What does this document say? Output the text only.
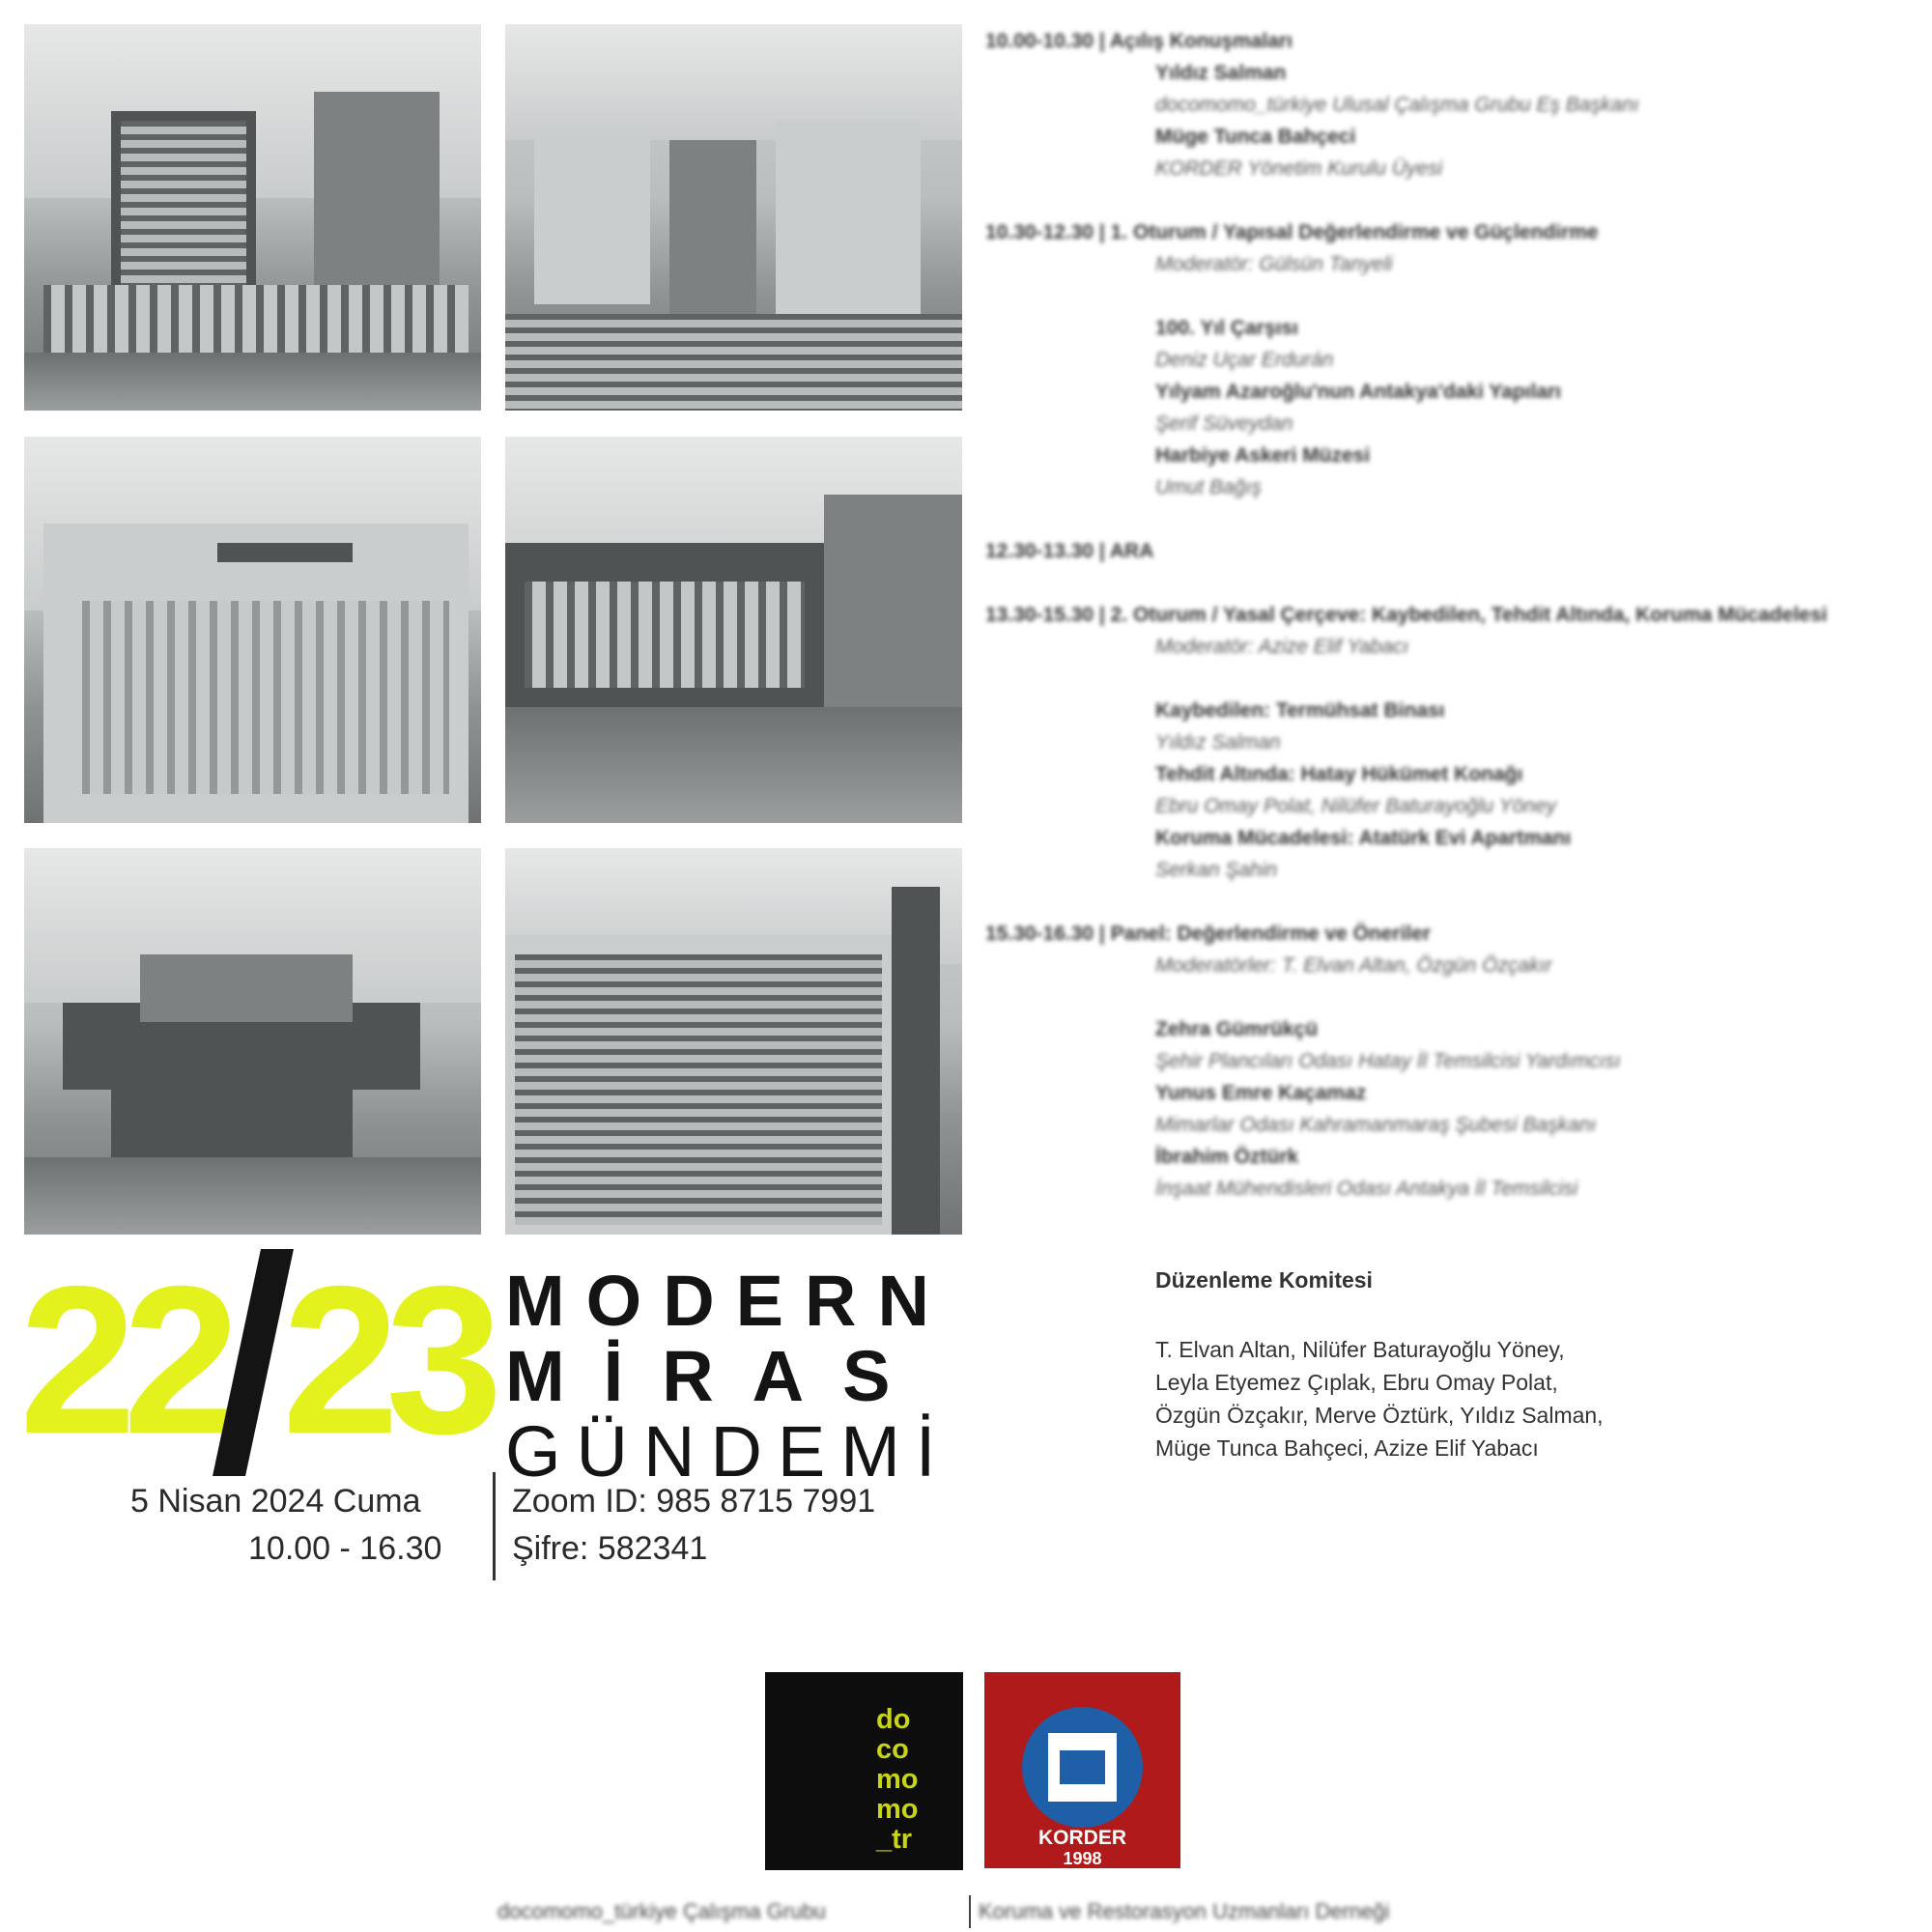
22 23 MODERN
MİRAS
GÜNDEMİ
5 Nisan 2024 Cuma
10.00 - 16.30
Zoom ID: 985 8715 7991
Şifre: 582341
10.00-10.30 | Açılış Konuşmaları
Yıldız Salman
docomomo_türkiye Ulusal Çalışma Grubu Eş Başkanı
Müge Tunca Bahçeci
KORDER Yönetim Kurulu Üyesi
10.30-12.30 | 1. Oturum / Yapısal Değerlendirme ve Güçlendirme
Moderatör: Gülsün Tanyeli
100. Yıl Çarşısı
Deniz Uçar Erdurán
Yılyam Azaroğlu'nun Antakya'daki Yapıları
Şerif Süveydan
Harbiye Askeri Müzesi
Umut Bağış
12.30-13.30 | ARA
13.30-15.30 | 2. Oturum / Yasal Çerçeve: Kaybedilen, Tehdit Altında, Koruma Mücadelesi
Moderatör: Azize Elif Yabacı
Kaybedilen: Termühsat Binası
Yıldız Salman
Tehdit Altında: Hatay Hükümet Konağı
Ebru Omay Polat, Nilüfer Baturayoğlu Yöney
Koruma Mücadelesi: Atatürk Evi Apartmanı
Serkan Şahin
15.30-16.30 | Panel: Değerlendirme ve Öneriler
Moderatörler: T. Elvan Altan, Özgün Özçakır
Zehra Gümrükçü
Şehir Plancıları Odası Hatay İl Temsilcisi Yardımcısı
Yunus Emre Kaçamaz
Mimarlar Odası Kahramanmaraş Şubesi Başkanı
İbrahim Öztürk
İnşaat Mühendisleri Odası Antakya İl Temsilcisi
Düzenleme Komitesi
T. Elvan Altan, Nilüfer Baturayoğlu Yöney,
Leyla Etyemez Çıplak, Ebru Omay Polat,
Özgün Özçakır, Merve Öztürk, Yıldız Salman,
Müge Tunca Bahçeci, Azize Elif Yabacı
do co mo mo _tr	KORDER
1998
docomomo_türkiye Çalışma Grubu	Koruma ve Restorasyon Uzmanları Derneği
